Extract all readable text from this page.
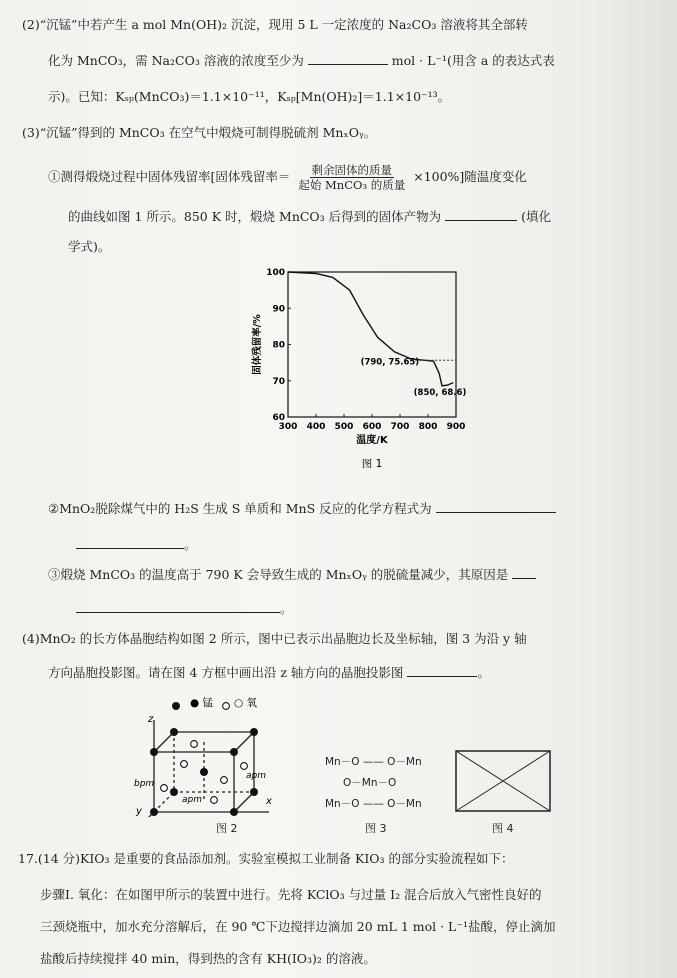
(2)“沉锰”中若产生 a mol Mn(OH)₂ 沉淀，现用 5 L 一定浓度的 Na₂CO₃ 溶液将其全部转
化为 MnCO₃，需 Na₂CO₃ 溶液的浓度至少为	mol · L⁻¹(用含 a 的表达式表
示)。已知：Kₛₚ(MnCO₃)＝1.1×10⁻¹¹，Kₛₚ[Mn(OH)₂]＝1.1×10⁻¹³。
(3)“沉锰”得到的 MnCO₃ 在空气中煅烧可制得脱硫剂 MnₓOᵧ。
①测得煅烧过程中固体残留率[固体残留率＝ $\frac{\text{剩余固体的质量}}{\text{起始 MnCO₃ 的质量}} \times 100\%$]随温度变化
的曲线如图 1 所示。850 K 时，煅烧 MnCO₃ 后得到的固体产物为	(填化
学式)。
300 400 500 600 700 800 900
60
70
80
90
100
(790, 75.65)
(850, 68.6)
温度/K
固体残留率/%
图 1
②MnO₂脱除煤气中的 H₂S 生成 S 单质和 MnS 反应的化学方程式为
。
③煅烧 MnCO₃ 的温度高于 790 K 会导致生成的 MnₓOᵧ 的脱硫量减少，其原因是
。
(4)MnO₂ 的长方体晶胞结构如图 2 所示，图中已表示出晶胞边长及坐标轴，图 3 为沿 y 轴
方向晶胞投影图。请在图 4 方框中画出沿 z 轴方向的晶胞投影图	。
● 锰 ○ 氧
z
x
y
bpm
apm
apm
图 2
Mn－O —— O－Mn
O－Mn－O
Mn－O —— O－Mn
图 3	图 4
17.(14 分)KIO₃ 是重要的食品添加剂。实验室模拟工业制备 KIO₃ 的部分实验流程如下：
步骤Ⅰ. 氧化：在如图甲所示的装置中进行。先将 KClO₃ 与过量 I₂ 混合后放入气密性良好的
三颈烧瓶中，加水充分溶解后，在 90 ℃下边搅拌边滴加 20 mL 1 mol · L⁻¹盐酸，停止滴加
盐酸后持续搅拌 40 min，得到热的含有 KH(IO₃)₂ 的溶液。
